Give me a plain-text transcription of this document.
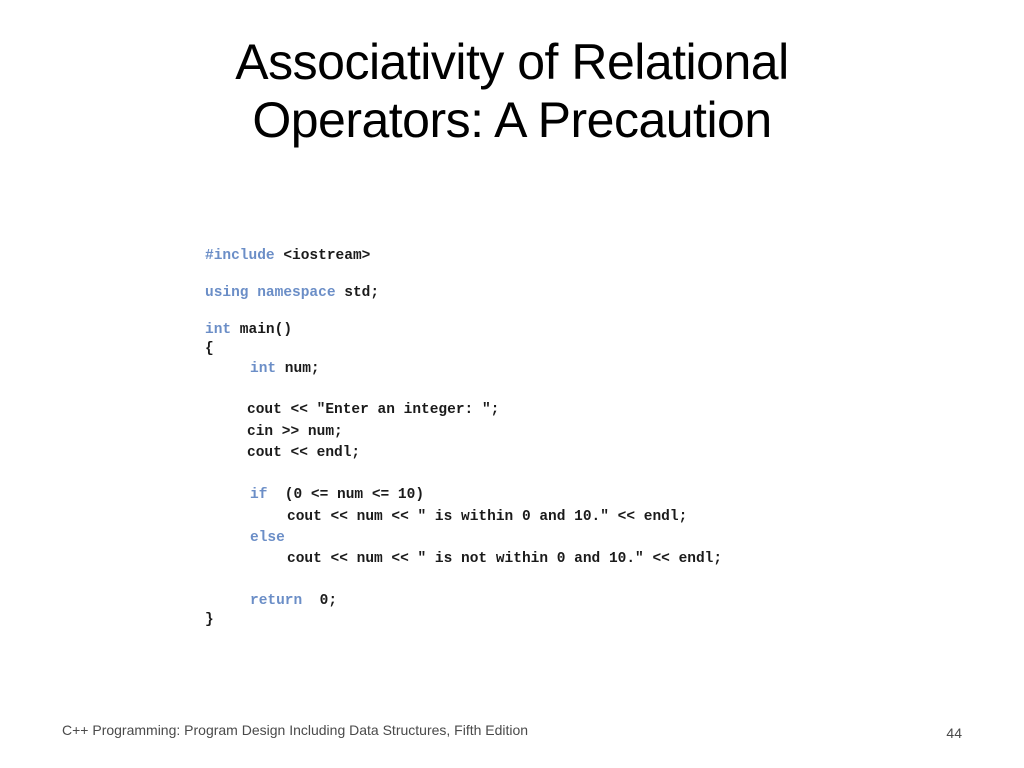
Associativity of Relational
Operators: A Precaution
#include <iostream>
using namespace std;
int main()
{
int num;
cout << "Enter an integer: ";
cin >> num;
cout << endl;
if  (0 <= num <= 10)
cout << num << " is within 0 and 10." << endl;
else
cout << num << " is not within 0 and 10." << endl;
return  0;
}
C++ Programming: Program Design Including Data Structures, Fifth Edition	44
